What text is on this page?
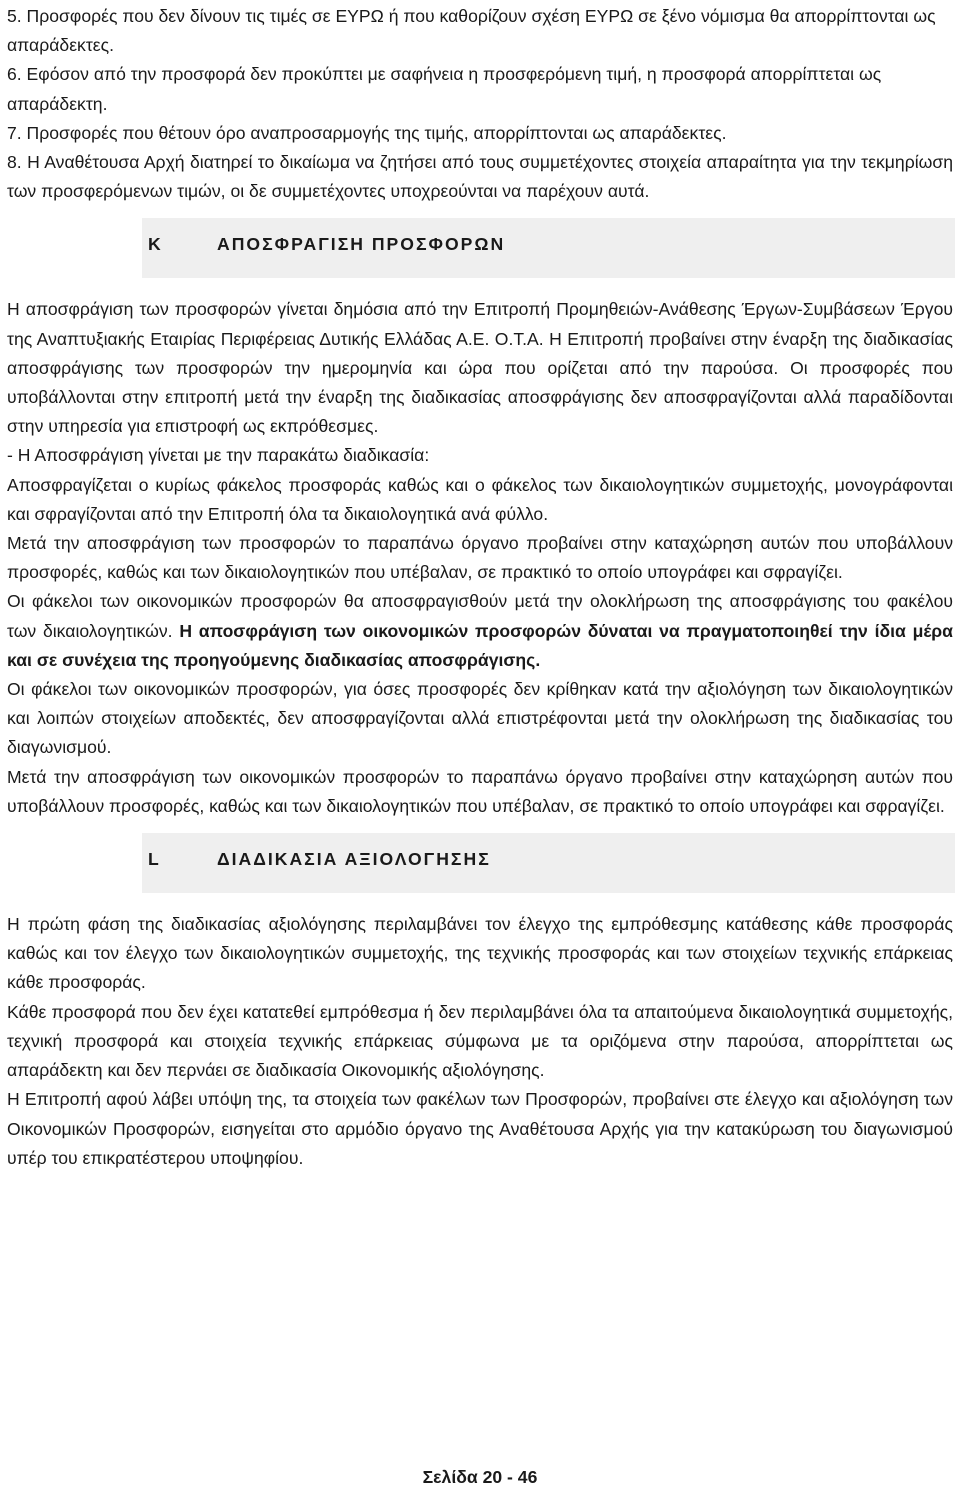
5. Προσφορές που δεν δίνουν τις τιμές σε ΕΥΡΩ ή που καθορίζουν σχέση ΕΥΡΩ σε ξένο νόμισμα θα απορρίπτονται ως απαράδεκτες.

6. Εφόσον από την προσφορά δεν προκύπτει με σαφήνεια η προσφερόμενη τιμή, η προσφορά απορρίπτεται ως απαράδεκτη.

7. Προσφορές που θέτουν όρο αναπροσαρμογής της τιμής, απορρίπτονται ως απαράδεκτες.

8. Η Αναθέτουσα Αρχή διατηρεί το δικαίωμα να ζητήσει από τους συμμετέχοντες στοιχεία απαραίτητα για την τεκμηρίωση των προσφερόμενων τιμών, οι δε συμμετέχοντες υποχρεούνται να παρέχουν αυτά.

K	ΑΠΟΣΦΡΑΓΙΣΗ ΠΡΟΣΦΟΡΩΝ

Η αποσφράγιση των προσφορών γίνεται δημόσια από την Επιτροπή Προμηθειών-Ανάθεσης Έργων-Συμβάσεων Έργου της Αναπτυξιακής Εταιρίας Περιφέρειας Δυτικής Ελλάδας Α.Ε. Ο.Τ.Α. Η Επιτροπή προβαίνει στην έναρξη της διαδικασίας αποσφράγισης των προσφορών την ημερομηνία και ώρα που ορίζεται από την παρούσα. Οι προσφορές που υποβάλλονται στην επιτροπή μετά την έναρξη της διαδικασίας αποσφράγισης δεν αποσφραγίζονται αλλά παραδίδονται στην υπηρεσία για επιστροφή ως εκπρόθεσμες.

- Η Αποσφράγιση γίνεται με την παρακάτω διαδικασία:

Αποσφραγίζεται ο κυρίως φάκελος προσφοράς καθώς και ο φάκελος των δικαιολογητικών συμμετοχής, μονογράφονται και σφραγίζονται από την Επιτροπή όλα τα δικαιολογητικά ανά φύλλο.

Μετά την αποσφράγιση των προσφορών το παραπάνω όργανο προβαίνει στην καταχώρηση αυτών που υποβάλλουν προσφορές, καθώς και των δικαιολογητικών που υπέβαλαν, σε πρακτικό το οποίο υπογράφει και σφραγίζει.

Οι φάκελοι των οικονομικών προσφορών θα αποσφραγισθούν μετά την ολοκλήρωση της αποσφράγισης του φακέλου των δικαιολογητικών. Η αποσφράγιση των οικονομικών προσφορών δύναται να πραγματοποιηθεί την ίδια μέρα και σε συνέχεια της προηγούμενης διαδικασίας αποσφράγισης.

Οι φάκελοι των οικονομικών προσφορών, για όσες προσφορές δεν κρίθηκαν κατά την αξιολόγηση των δικαιολογητικών και λοιπών στοιχείων αποδεκτές, δεν αποσφραγίζονται αλλά επιστρέφονται μετά την ολοκλήρωση της διαδικασίας του διαγωνισμού.

Μετά την αποσφράγιση των οικονομικών προσφορών το παραπάνω όργανο προβαίνει στην καταχώρηση αυτών που υποβάλλουν προσφορές, καθώς και των δικαιολογητικών που υπέβαλαν, σε πρακτικό το οποίο υπογράφει και σφραγίζει.

L	ΔΙΑΔΙΚΑΣΙΑ ΑΞΙΟΛΟΓΗΣΗΣ

Η πρώτη φάση της διαδικασίας αξιολόγησης περιλαμβάνει τον έλεγχο της εμπρόθεσμης κατάθεσης κάθε προσφοράς καθώς και τον έλεγχο των δικαιολογητικών συμμετοχής, της τεχνικής προσφοράς και των στοιχείων τεχνικής επάρκειας κάθε προσφοράς.

Κάθε προσφορά που δεν έχει κατατεθεί εμπρόθεσμα ή δεν περιλαμβάνει όλα τα απαιτούμενα δικαιολογητικά συμμετοχής, τεχνική προσφορά και στοιχεία τεχνικής επάρκειας σύμφωνα με τα οριζόμενα στην παρούσα, απορρίπτεται ως απαράδεκτη και δεν περνάει σε διαδικασία Οικονομικής αξιολόγησης.

Η Επιτροπή αφού λάβει υπόψη της, τα στοιχεία των φακέλων των Προσφορών, προβαίνει στε έλεγχο και αξιολόγηση των Οικονομικών Προσφορών, εισηγείται στο αρμόδιο όργανο της Αναθέτουσα Αρχής για την κατακύρωση του διαγωνισμού υπέρ του επικρατέστερου υποψηφίου.

Σελίδα 20 - 46
